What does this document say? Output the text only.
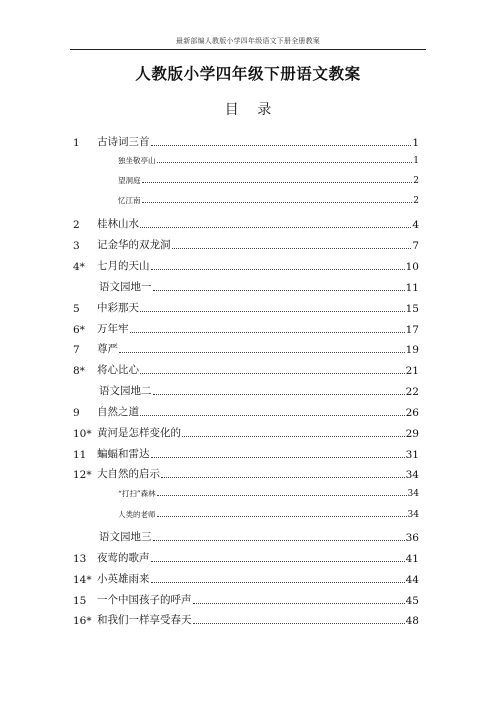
最新部编人教版小学四年级语文下册全册教案
人教版小学四年级下册语文教案
目 录
1	古诗词三首	1
独坐敬亭山	1
望洞庭	2
忆江南	2
2	桂林山水	4
3	记金华的双龙洞	7
4*	七月的天山	10
语文园地一	11
5	中彩那天	15
6*	万年牢	17
7	尊严	19
8*	将心比心	21
语文园地二	22
9	自然之道	26
10* 黄河是怎样变化的	29
11	蝙蝠和雷达	31
12* 大自然的启示	34
“打扫”森林	34
人类的老师	34
语文园地三	36
13	夜莺的歌声	41
14* 小英雄雨来	44
15	一个中国孩子的呼声	45
16* 和我们一样享受春天	48
